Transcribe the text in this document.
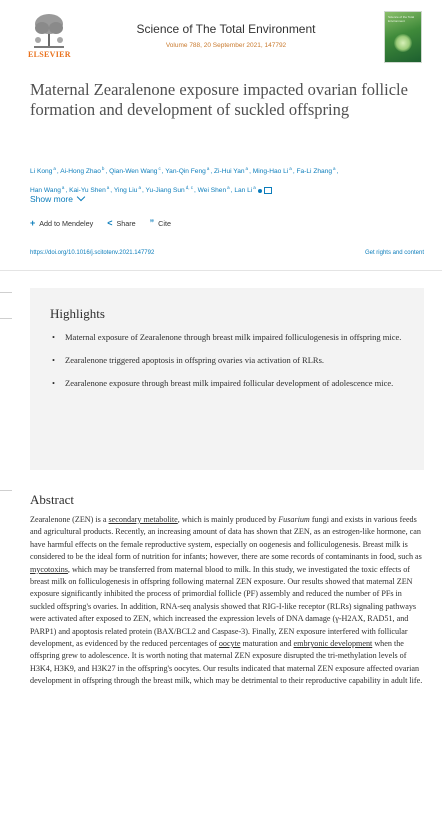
ELSEVIER
Science of The Total Environment
Volume 788, 20 September 2021, 147792
Science of the Total Environment
Maternal Zearalenone exposure impacted ovarian follicle formation and development of suckled offspring
Li Kong$^a$, Ai-Hong Zhao$^b$, Qian-Wen Wang$^c$, Yan-Qin Feng$^a$, Zi-Hui Yan$^a$, Ming-Hao Li$^a$, Fa-Li Zhang$^a$,
Han Wang$^a$, Kai-Yu Shen$^a$, Ying Liu$^a$, Yu-Jiang Sun$^{d, c}$, Wei Shen$^a$, Lan Li$^a$
Show more
+ Add to Mendeley < Share ” Cite
https://doi.org/10.1016/j.scitotenv.2021.147792	Get rights and content
Highlights
• Maternal exposure of Zearalenone through breast milk impaired folliculogenesis in offspring mice.
• Zearalenone triggered apoptosis in offspring ovaries via activation of RLRs.
• Zearalenone exposure through breast milk impaired follicular development of adolescence mice.
Abstract

Zearalenone (ZEN) is a secondary metabolite, which is mainly produced by Fusarium fungi and exists in various feeds and agricultural products. Recently, an increasing amount of data has shown that ZEN, as an estrogen-like hormone, can have harmful effects on the female reproductive system, especially on oogenesis and folliculogenesis. Breast milk is considered to be the ideal form of nutrition for infants; however, there are some records of contaminants in food, such as mycotoxins, which may be transferred from maternal blood to milk. In this study, we investigated the toxic effects of breast milk on folliculogenesis in offspring following maternal ZEN exposure. Our results showed that maternal ZEN exposure significantly inhibited the process of primordial follicle (PF) assembly and reduced the number of PFs in suckled offspring's ovaries. In addition, RNA-seq analysis showed that RIG-I-like receptor (RLRs) signaling pathways were activated after exposed to ZEN, which increased the expression levels of DNA damage (γ-H2AX, RAD51, and PARP1) and apoptosis related protein (BAX/BCL2 and Caspase-3). Finally, ZEN exposure interfered with follicular development, as evidenced by the reduced percentages of oocyte maturation and embryonic development when the offspring grew to adolescence. It is worth noting that maternal ZEN exposure disrupted the tri-methylation levels of H3K4, H3K9, and H3K27 in the offspring's oocytes. Our results indicated that maternal ZEN exposure affected ovarian development in offspring through the breast milk, which may be detrimental to their reproductive capability in adult life.
